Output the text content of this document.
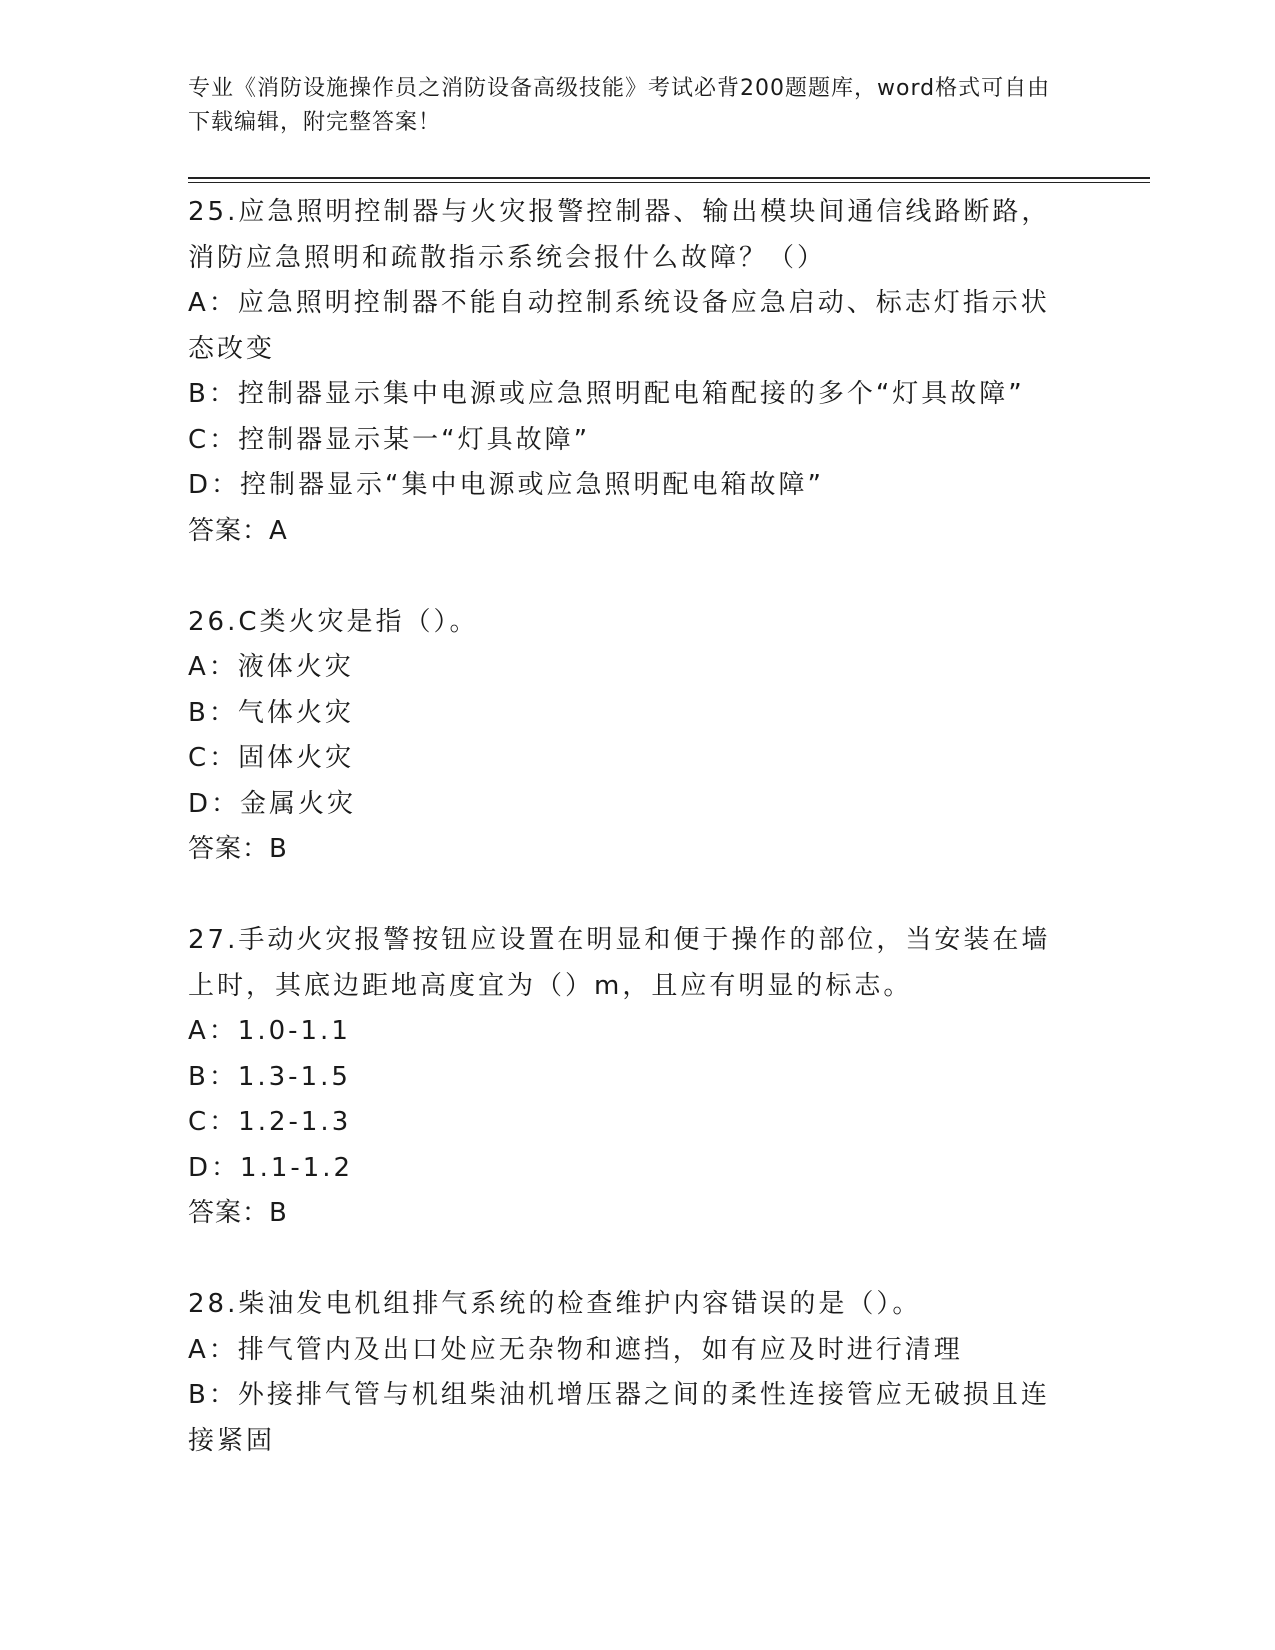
专业《消防设施操作员之消防设备高级技能》考试必背200题题库，word格式可自由下载编辑，附完整答案！

25.应急照明控制器与火灾报警控制器、输出模块间通信线路断路，消防应急照明和疏散指示系统会报什么故障？（）

A：应急照明控制器不能自动控制系统设备应急启动、标志灯指示状态改变

B：控制器显示集中电源或应急照明配电箱配接的多个“灯具故障”

C：控制器显示某一“灯具故障”

D：控制器显示“集中电源或应急照明配电箱故障”

答案：A

26.C类火灾是指（）。

A：液体火灾

B：气体火灾

C：固体火灾

D：金属火灾

答案：B

27.手动火灾报警按钮应设置在明显和便于操作的部位，当安装在墙上时，其底边距地高度宜为（）m，且应有明显的标志。

A：1.0-1.1

B：1.3-1.5

C：1.2-1.3

D：1.1-1.2

答案：B

28.柴油发电机组排气系统的检查维护内容错误的是（）。

A：排气管内及出口处应无杂物和遮挡，如有应及时进行清理

B：外接排气管与机组柴油机增压器之间的柔性连接管应无破损且连接紧固
